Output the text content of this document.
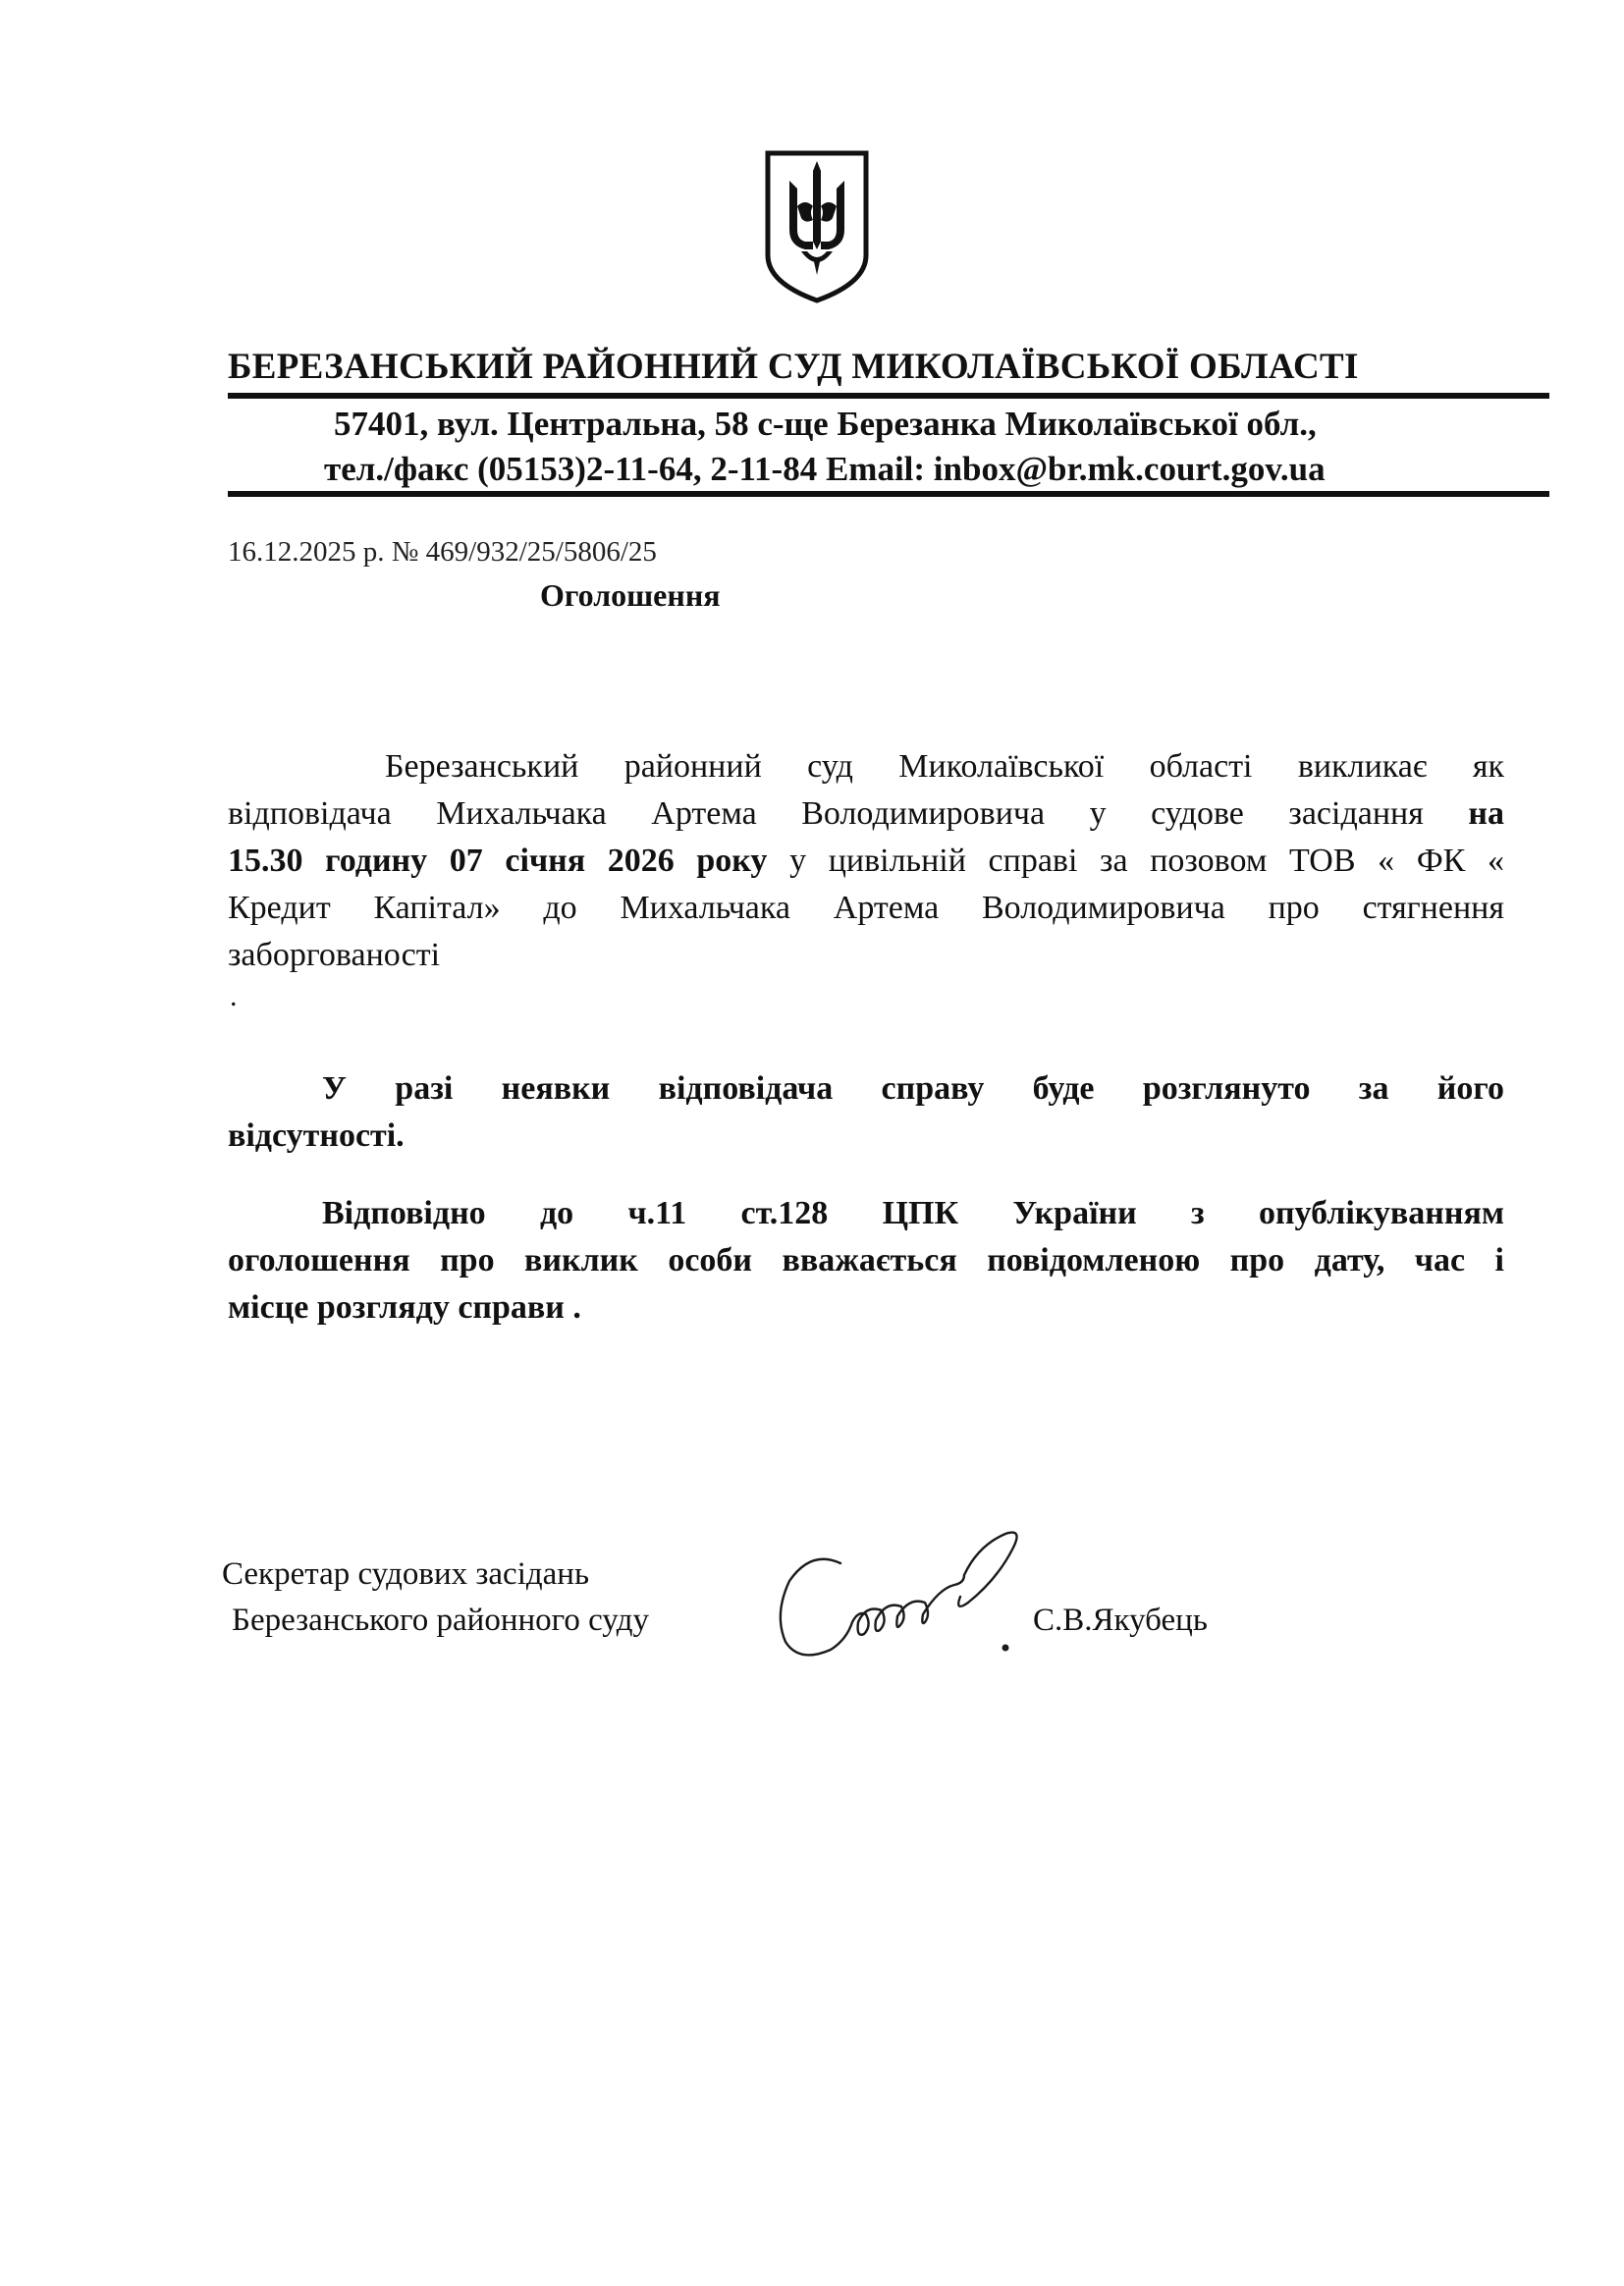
БЕРЕЗАНСЬКИЙ РАЙОННИЙ СУД МИКОЛАЇВСЬКОЇ ОБЛАСТІ
57401, вул. Центральна, 58 с-ще Березанка Миколаївської обл.,
тел./факс (05153)2-11-64, 2-11-84 Email: inbox@br.mk.court.gov.ua
16.12.2025 р. № 469/932/25/5806/25
Оголошення
Березанський районний суд Миколаївської області викликає як
відповідача Михальчака Артема Володимировича у судове засідання на
15.30 годину 07 січня 2026 року у цивільній справі за позовом ТОВ « ФК «
Кредит Капітал» до Михальчака Артема Володимировича про стягнення
заборгованості
.
У разі неявки відповідача справу буде розглянуто за його
відсутності.
Відповідно до ч.11 ст.128 ЦПК України з опублікуванням
оголошення про виклик особи вважається повідомленою про дату, час і
місце розгляду справи .
Секретар судових засідань
Березанського районного суду	С.В.Якубець
